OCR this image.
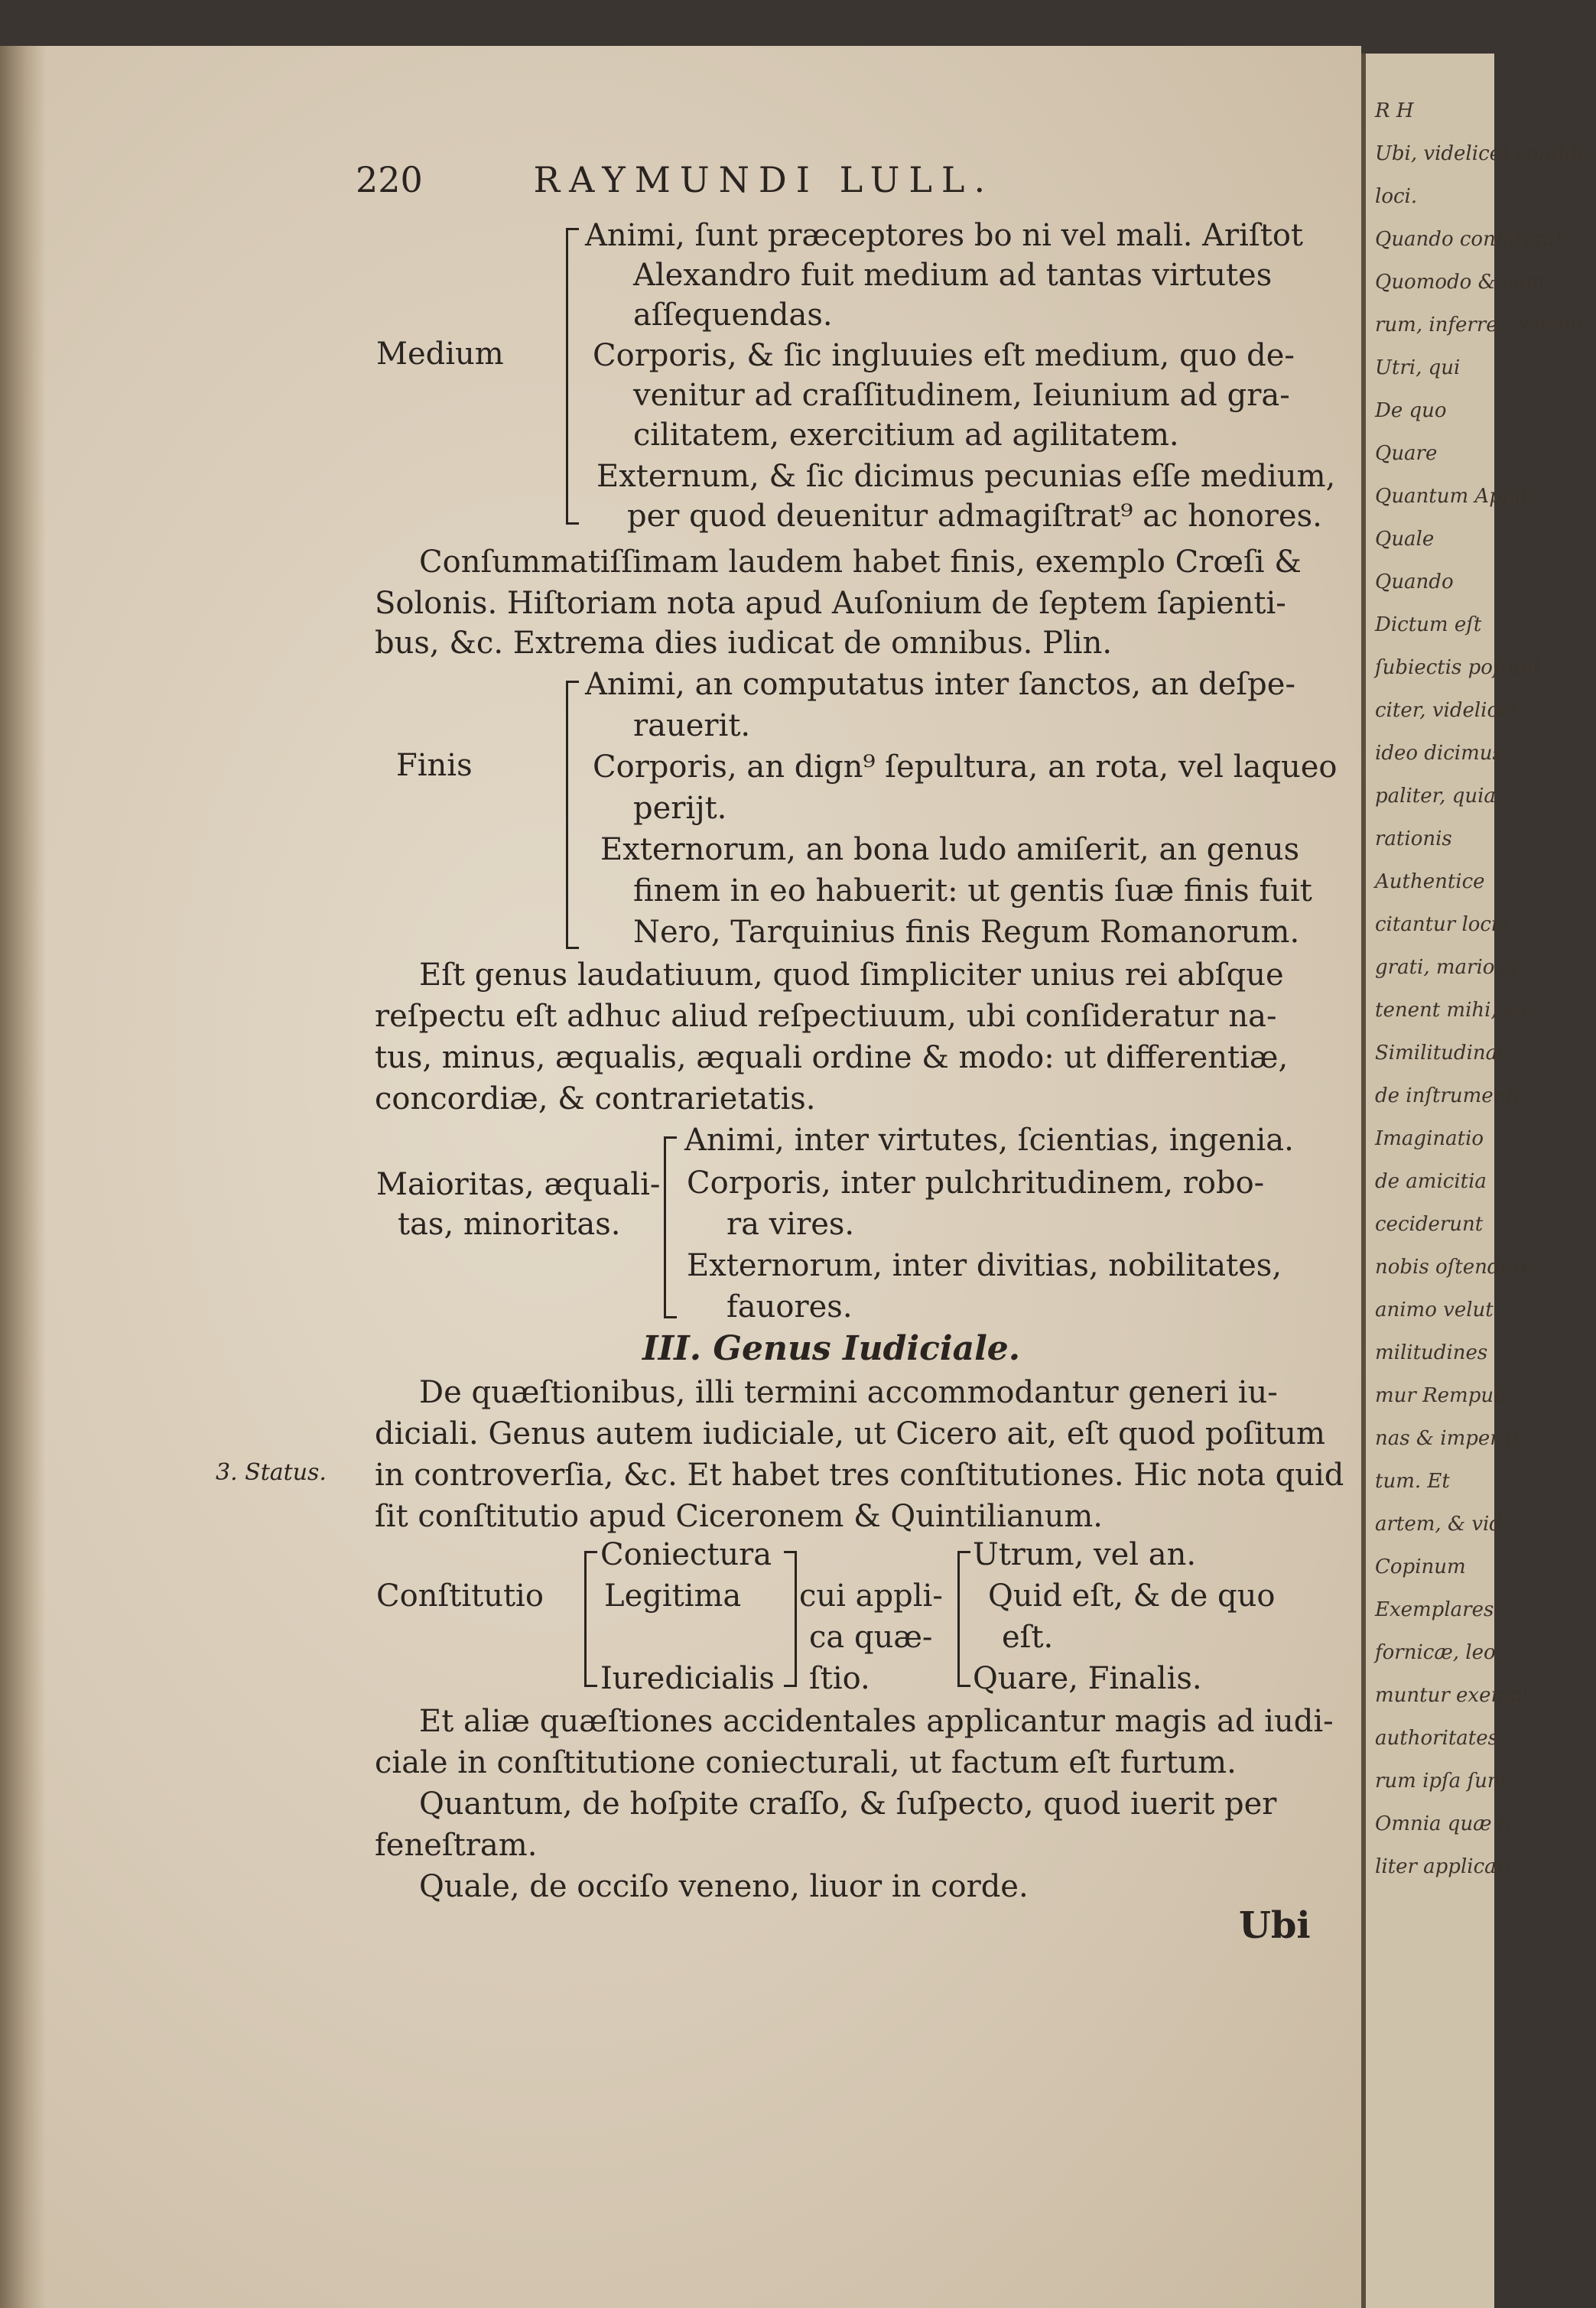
R H
Ubi, videlicet conſide-
loci.
Quando conſiderat
Quomodo & cum
rum, inferre, veneno.
Utri, qui
De quo
Quare
Quantum Applic
Quale
Quando
Dictum eſt
ſubiectis poſſunt
citer, videlicet
ideo dicimus
paliter, quia
rationis
Authentice
citantur locis
grati, mario &
tenent mihi, &c.
Similitudinar
de inſtrumento
Imaginatio
de amicitia
ceciderunt
nobis oſtendere
animo velut
militudines
mur Rempub
nas & imperat
tum. Et
artem, & vid
Copinum
Exemplares
fornicæ, leo
muntur exempl
authoritates
rum ipſa ſumi
Omnia quæ h
liter applicari
220	RAYMUNDI LULL.
Medium
Animi, ſunt præceptores bo ni vel mali. Ariſtot
Alexandro fuit medium ad tantas virtutes
aſſequendas.
Corporis, & ſic ingluuies eſt medium, quo de-
venitur ad craſſitudinem, Ieiunium ad gra-
cilitatem, exercitium ad agilitatem.
Externum, & ſic dicimus pecunias eſſe medium,
per quod deuenitur admagiſtrat⁹ ac honores.
Conſummatiſſimam laudem habet finis, exemplo Crœſi &
Solonis. Hiſtoriam nota apud Auſonium de ſeptem ſapienti-
bus, &c. Extrema dies iudicat de omnibus. Plin.
Finis
Animi, an computatus inter ſanctos, an deſpe-
rauerit.
Corporis, an dign⁹ ſepultura, an rota, vel laqueo
perijt.
Externorum, an bona ludo amiſerit, an genus
finem in eo habuerit: ut gentis ſuæ finis fuit
Nero, Tarquinius finis Regum Romanorum.
Eſt genus laudatiuum, quod ſimpliciter unius rei abſque
reſpectu eſt adhuc aliud reſpectiuum, ubi conſideratur na-
tus, minus, æqualis, æquali ordine & modo: ut differentiæ,
concordiæ, & contrarietatis.
Maioritas, æquali-
tas, minoritas.
Animi, inter virtutes, ſcientias, ingenia.
Corporis, inter pulchritudinem, robo-
ra vires.
Externorum, inter divitias, nobilitates,
fauores.
III. Genus Iudiciale.
De quæſtionibus, illi termini accommodantur generi iu-
diciali. Genus autem iudiciale, ut Cicero ait, eſt quod poſitum
3. Status. in controverſia, &c. Et habet tres conſtitutiones. Hic nota quid
ſit conſtitutio apud Ciceronem & Quintilianum.
Conſtitutio
Coniectura
Legitima
Iuredicialis
cui appli-
ca quæ-
ſtio.
Utrum, vel an.
Quid eſt, & de quo
eſt.
Quare, Finalis.
Et aliæ quæſtiones accidentales applicantur magis ad iudi-
ciale in conſtitutione coniecturali, ut factum eſt furtum.
Quantum, de hoſpite craſſo, & ſuſpecto, quod iuerit per
feneſtram.
Quale, de occiſo veneno, liuor in corde.
Ubi
